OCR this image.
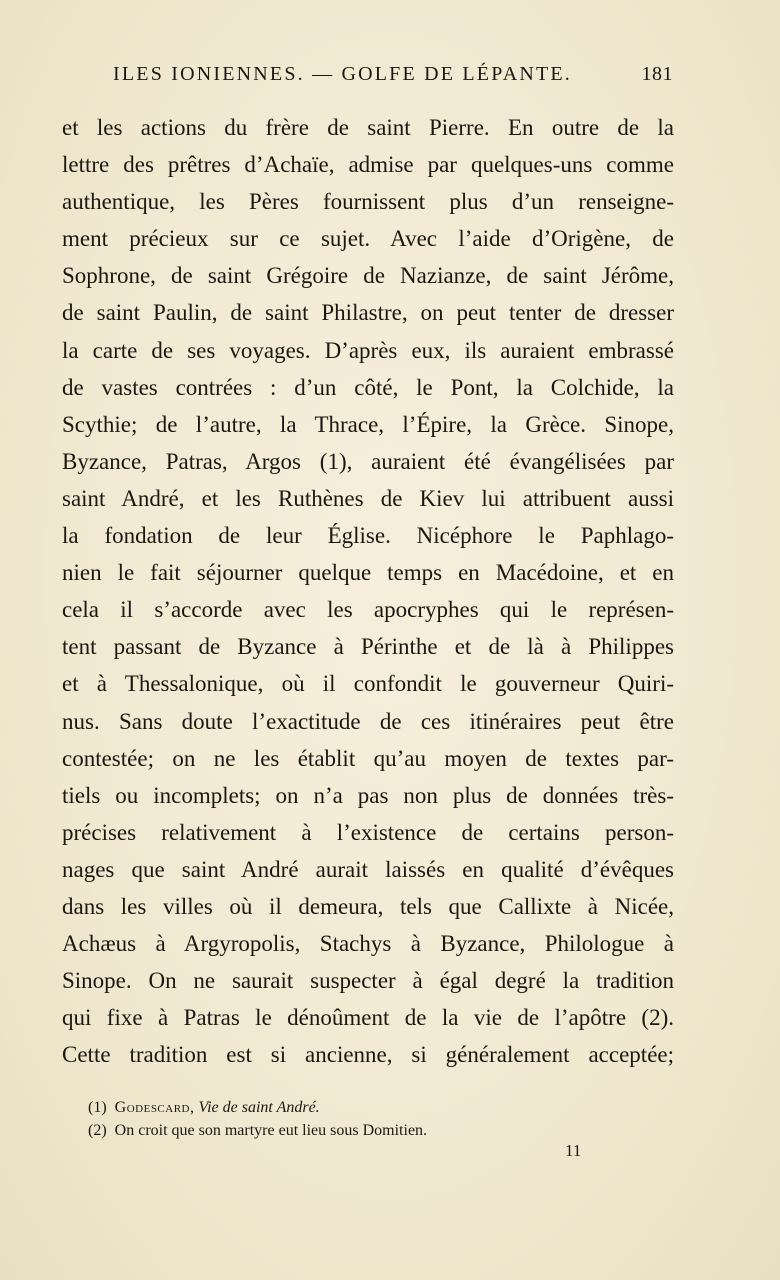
ILES IONIENNES. — GOLFE DE LÉPANTE.	181
et les actions du frère de saint Pierre. En outre de la
lettre des prêtres d’Achaïe, admise par quelques-uns comme
authentique, les Pères fournissent plus d’un renseigne-
ment précieux sur ce sujet. Avec l’aide d’Origène, de
Sophrone, de saint Grégoire de Nazianze, de saint Jérôme,
de saint Paulin, de saint Philastre, on peut tenter de dresser
la carte de ses voyages. D’après eux, ils auraient embrassé
de vastes contrées : d’un côté, le Pont, la Colchide, la
Scythie; de l’autre, la Thrace, l’Épire, la Grèce. Sinope,
Byzance, Patras, Argos (1), auraient été évangélisées par
saint André, et les Ruthènes de Kiev lui attribuent aussi
la fondation de leur Église. Nicéphore le Paphlago-
nien le fait séjourner quelque temps en Macédoine, et en
cela il s’accorde avec les apocryphes qui le représen-
tent passant de Byzance à Périnthe et de là à Philippes
et à Thessalonique, où il confondit le gouverneur Quiri-
nus. Sans doute l’exactitude de ces itinéraires peut être
contestée; on ne les établit qu’au moyen de textes par-
tiels ou incomplets; on n’a pas non plus de données très-
précises relativement à l’existence de certains person-
nages que saint André aurait laissés en qualité d’évêques
dans les villes où il demeura, tels que Callixte à Nicée,
Achæus à Argyropolis, Stachys à Byzance, Philologue à
Sinope. On ne saurait suspecter à égal degré la tradition
qui fixe à Patras le dénoûment de la vie de l’apôtre (2).
Cette tradition est si ancienne, si généralement acceptée;
(1) Godescard, Vie de saint André.
(2) On croit que son martyre eut lieu sous Domitien.
11
